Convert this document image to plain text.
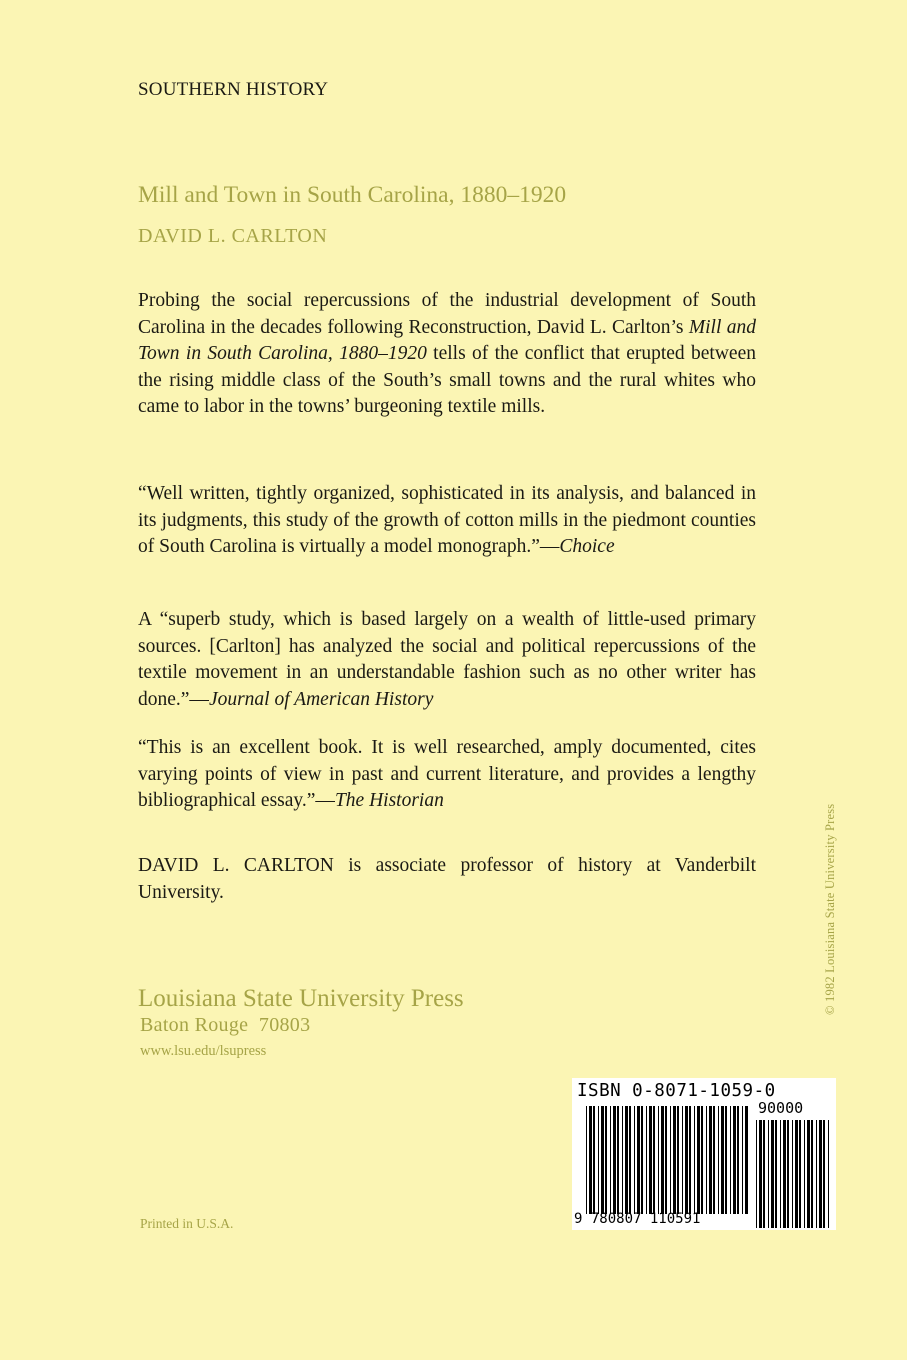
SOUTHERN HISTORY
Mill and Town in South Carolina, 1880–1920
DAVID L. CARLTON
Probing the social repercussions of the industrial development of South Carolina in the decades following Reconstruction, David L. Carlton’s Mill and Town in South Carolina, 1880–1920 tells of the conflict that erupted between the rising middle class of the South’s small towns and the rural whites who came to labor in the towns’ burgeoning textile mills.
“Well written, tightly organized, sophisticated in its analysis, and balanced in its judgments, this study of the growth of cotton mills in the piedmont counties of South Carolina is virtually a model monograph.”—Choice
A “superb study, which is based largely on a wealth of little-used primary sources. [Carlton] has analyzed the social and political repercussions of the textile movement in an understandable fashion such as no other writer has done.”—Journal of American History
“This is an excellent book. It is well researched, amply documented, cites varying points of view in past and current literature, and provides a lengthy bibliographical essay.”—The Historian
DAVID L. CARLTON is associate professor of history at Vanderbilt University.
Louisiana State University Press
Baton Rouge  70803
www.lsu.edu/lsupress
© 1982 Louisiana State University Press
Printed in U.S.A.
ISBN 0-8071-1059-0
90000
9 780807 110591
